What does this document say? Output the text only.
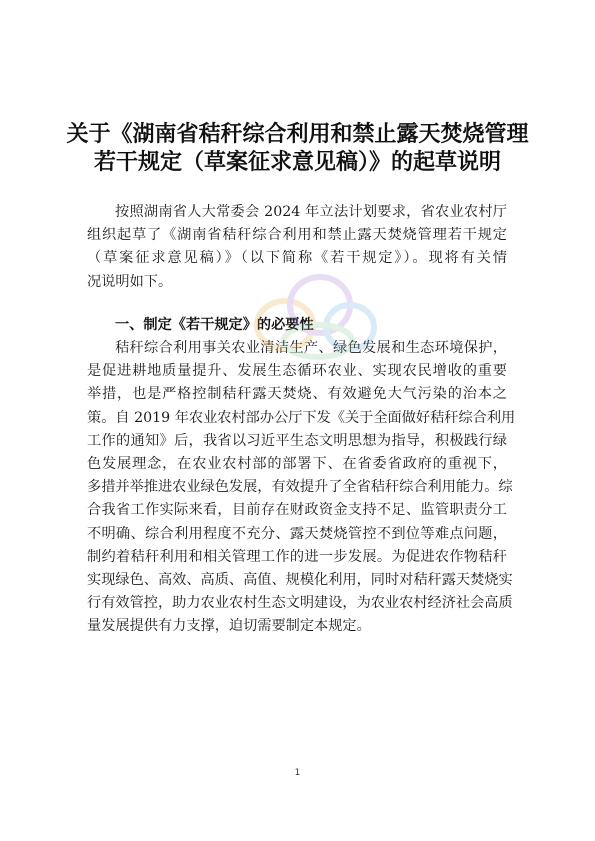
关于《湖南省秸秆综合利用和禁止露天焚烧管理
若干规定（草案征求意见稿）》的起草说明
按照湖南省人大常委会 2024 年立法计划要求，省农业农村厅
组织起草了《湖南省秸秆综合利用和禁止露天焚烧管理若干规定
（草案征求意见稿）》（以下简称《若干规定》）。现将有关情
况说明如下。
一、制定《若干规定》的必要性
秸秆综合利用事关农业清洁生产、绿色发展和生态环境保护，
是促进耕地质量提升、发展生态循环农业、实现农民增收的重要
举措，也是严格控制秸秆露天焚烧、有效避免大气污染的治本之
策。自 2019 年农业农村部办公厅下发《关于全面做好秸秆综合利用
工作的通知》后，我省以习近平生态文明思想为指导，积极践行绿
色发展理念，在农业农村部的部署下、在省委省政府的重视下，
多措并举推进农业绿色发展，有效提升了全省秸秆综合利用能力。综
合我省工作实际来看，目前存在财政资金支持不足、监管职责分工
不明确、综合利用程度不充分、露天焚烧管控不到位等难点问题，
制约着秸秆利用和相关管理工作的进一步发展。为促进农作物秸秆
实现绿色、高效、高质、高值、规模化利用，同时对秸秆露天焚烧实
行有效管控，助力农业农村生态文明建设，为农业农村经济社会高质
量发展提供有力支撑，迫切需要制定本规定。
1
